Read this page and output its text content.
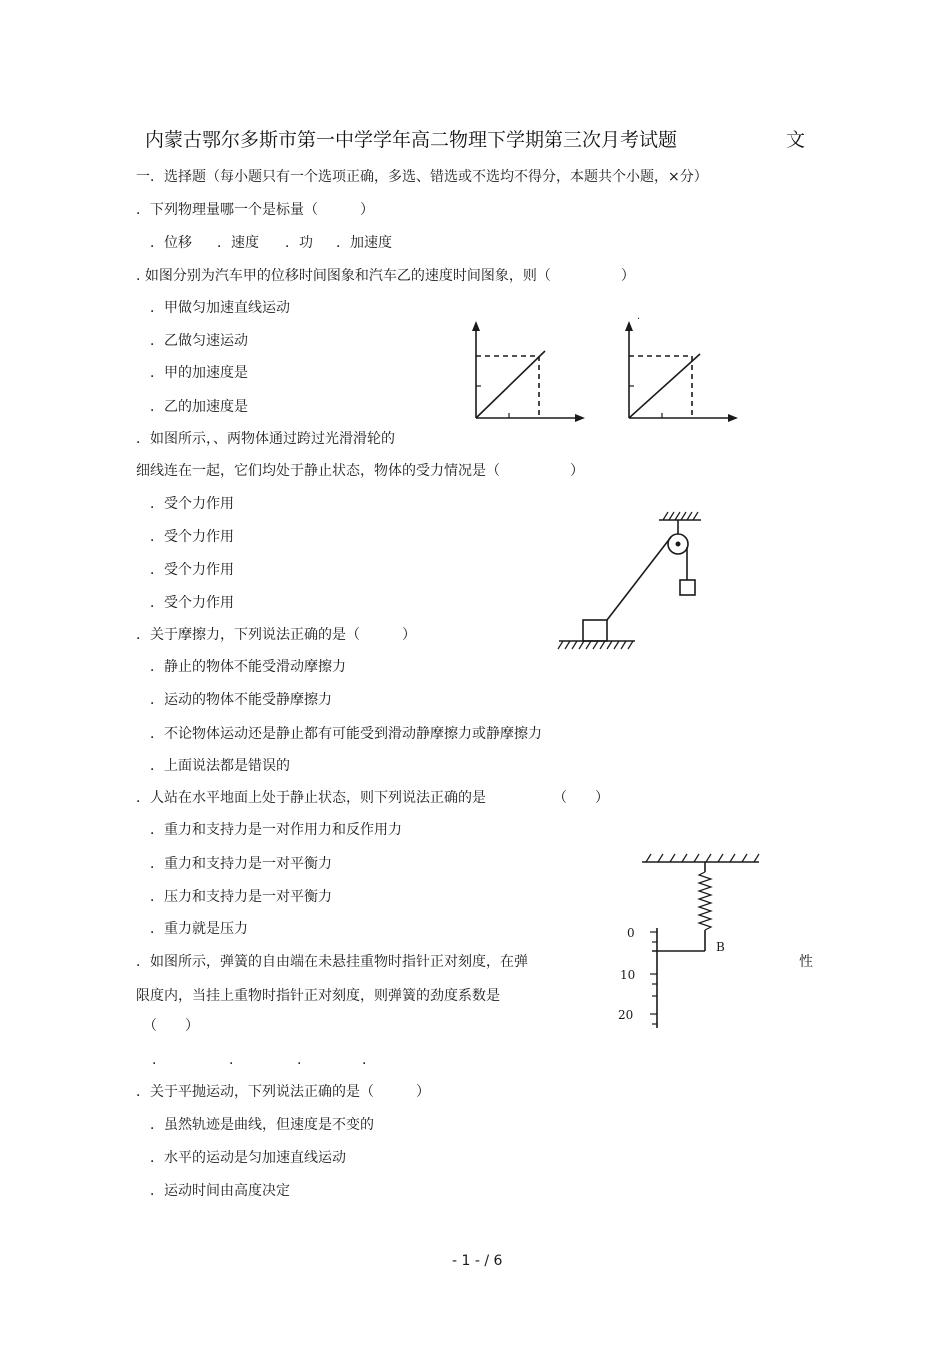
内蒙古鄂尔多斯市第一中学学年高二物理下学期第三次月考试题	文
一．选择题（每小题只有一个选项正确，多选、错选或不选均不得分，本题共个小题，×分）
．下列物理量哪一个是标量（　　　）
．位移 ．速度 ．功 ．加速度
. 如图分别为汽车甲的位移时间图象和汽车乙的速度时间图象，则（　　　　　）
．甲做匀加速直线运动
．乙做匀速运动
．甲的加速度是
．乙的加速度是
.
．如图所示，、两物体通过跨过光滑滑轮的
细线连在一起，它们均处于静止状态，物体的受力情况是（　　　　　）
．受个力作用
．受个力作用
．受个力作用
．受个力作用
．关于摩擦力，下列说法正确的是（　　　）
．静止的物体不能受滑动摩擦力
．运动的物体不能受静摩擦力
．不论物体运动还是静止都有可能受到滑动静摩擦力或静摩擦力
．上面说法都是错误的
．人站在水平地面上处于静止状态，则下列说法正确的是	（　　）
．重力和支持力是一对作用力和反作用力
．重力和支持力是一对平衡力
．压力和支持力是一对平衡力
．重力就是压力	0
10
20
B
．如图所示，弹簧的自由端在未悬挂重物时指针正对刻度，在弹	性
限度内，当挂上重物时指针正对刻度，则弹簧的劲度系数是
（　　）
.	.	.	.
．关于平抛运动，下列说法正确的是（　　　）
．虽然轨迹是曲线，但速度是不变的
．水平的运动是匀加速直线运动
．运动时间由高度决定
- 1 - / 6
